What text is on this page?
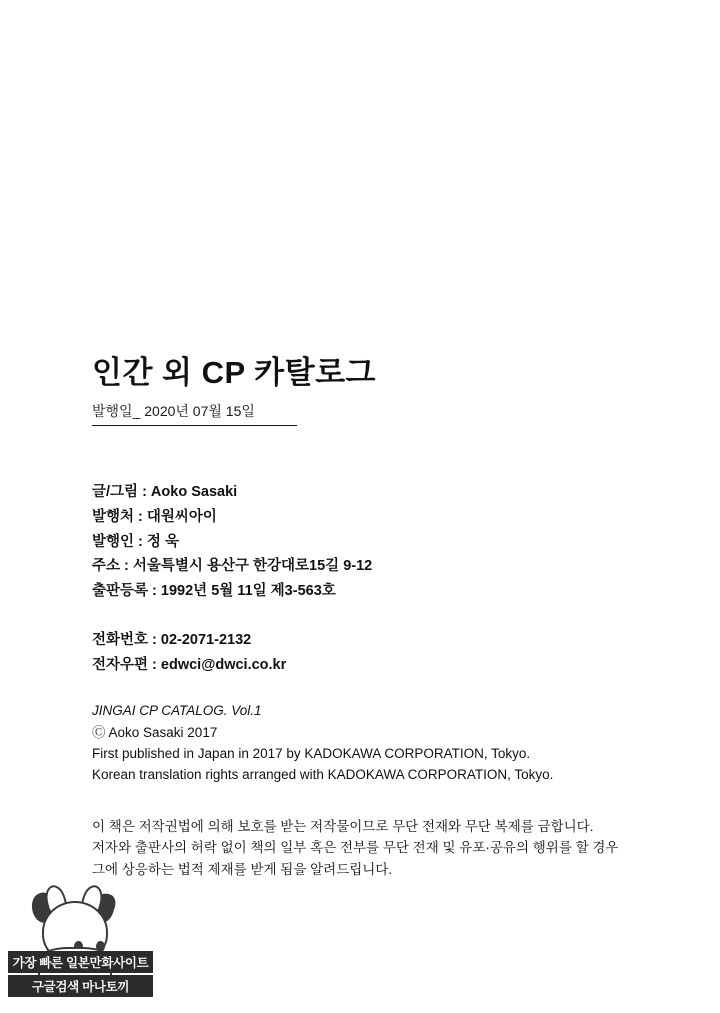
인간 외 CP 카탈로그
발행일_ 2020년 07월 15일
글/그림 : Aoko Sasaki
발행처 : 대원씨아이
발행인 : 정 욱
주소 : 서울특별시 용산구 한강대로15길 9-12
출판등록 : 1992년 5월 11일 제3-563호
전화번호 : 02-2071-2132
전자우편 : edwci@dwci.co.kr
JINGAI CP CATALOG. Vol.1
Ⓒ Aoko Sasaki 2017
First published in Japan in 2017 by KADOKAWA CORPORATION, Tokyo.
Korean translation rights arranged with KADOKAWA CORPORATION, Tokyo.
이 책은 저작권법에 의해 보호를 받는 저작물이므로 무단 전재와 무단 복제를 금합니다.
저자와 출판사의 허락 없이 책의 일부 혹은 전부를 무단 전재 및 유포·공유의 행위를 할 경우
그에 상응하는 법적 제재를 받게 됨을 알려드립니다.
가장 빠른 일본만화사이트
구글검색 마나토끼
